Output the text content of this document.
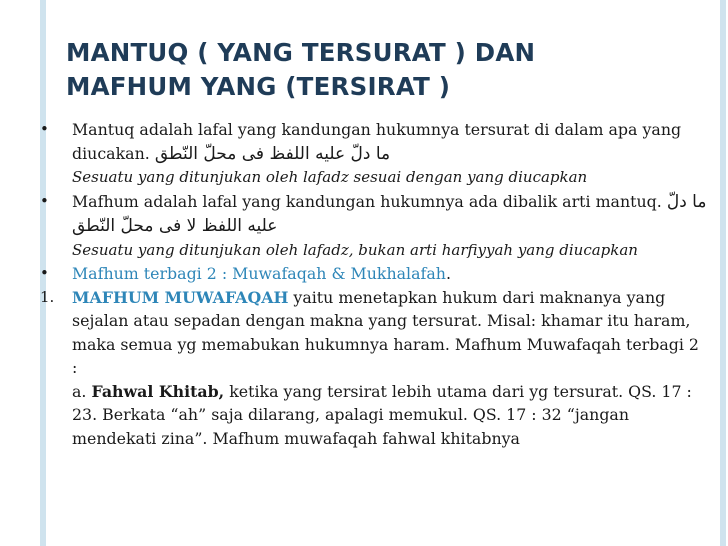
MANTUQ ( YANG TERSURAT ) DAN
MAFHUM YANG (TERSIRAT )
• Mantuq adalah lafal yang kandungan hukumnya tersurat di dalam apa yang diucakan. ما دلّ عليه اللفظ فى محلّ النّطق
Sesuatu yang ditunjukan oleh lafadz sesuai dengan yang diucapkan
• Mafhum adalah lafal yang kandungan hukumnya ada dibalik arti mantuq. ما دلّ عليه اللفظ لا فى محلّ النّطق
Sesuatu yang ditunjukan oleh lafadz, bukan arti harfiyyah yang diucapkan
• Mafhum terbagi 2 : Muwafaqah & Mukhalafah.
1. MAFHUM MUWAFAQAH yaitu menetapkan hukum dari maknanya yang sejalan atau sepadan dengan makna yang tersurat. Misal: khamar itu haram, maka semua yg memabukan hukumnya haram. Mafhum Muwafaqah terbagi 2 :
a. Fahwal Khitab, ketika yang tersirat lebih utama dari yg tersurat. QS. 17 : 23. Berkata “ah” saja dilarang, apalagi memukul. QS. 17 : 32 “jangan mendekati zina”. Mafhum muwafaqah fahwal khitabnya
